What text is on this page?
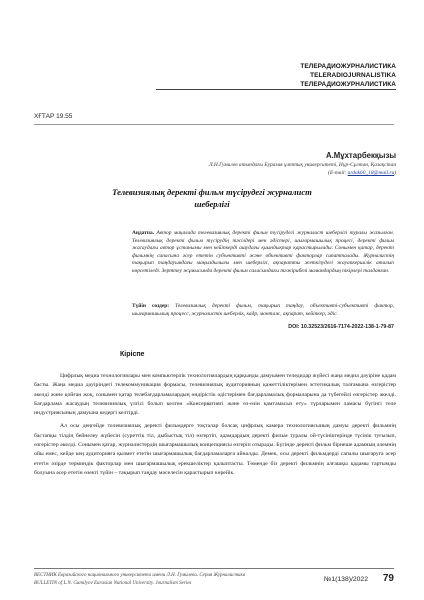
ТЕЛЕРАДИОЖУРНАЛИСТИКА
TELERADIOJURNALISTIKA
ТЕЛЕРАДИОЖУРНАЛИСТИКА
ХҒТАР 19.55
А.Мұхтарбекқызы
Л.Н.Гумилев атындағы Еуразия ұлттық университеті, Нұр-Сұлтан, Қазақстан
(E-mail: ardak60_18@mail.ru)
Телевизиялық деректі фильм түсірудегі журналист
шеберлігі
Аңдатпа. Автор мақалада телевизиялық деректі фильм түсірудегі журналист шеберлігі туралы жазылған. Телевизиялық деректі фильм түсірудің тәсілдері мен әдістері, шығармашылық процесі, деректі фильм жасаудағы автор ұстанымы мен кейіпкерді ашудағы қиындықтар қарастырылады. Сонымен қатар, деректі фильмнің сапасына әсер ететін субъективті және объективті факторлар сипатталады. Журналистің тақырып таңдауындағы маңыздылығы мен шеберлігі, ақпаратты жеткізудегі жауапкершілік аталып көрсетіледі. Зерттеу жұмысында деректі фильм саласындағы тәжірибелі мамандардың пікірлері талданған.
Түйін сөздер: Телевизиялық деректі фильм, тақырып таңдау, объективті-субъективті фактор, шығармашылық процесс, журналистік шеберлік, кадр, монтаж, ақпарат, кейіпкер, әдіс.
DOI: 10.32523/2616-7174-2022-138-1-79-87
Кіріспе

Цифрлық медиа технологиялары мен компьютерлік технологиялардың қарқынды дамуымен теледидар жүйесі жаңа медиа дәуіріне қадам басты. Жаңа медиа дәуіріндегі телекоммуникация формасы, телевизиялық аудиторияның қажеттіліктерімен эстетикалық талғамына өзгерістер әкелді және қойған жоқ, сонымен қатар телебағдарламалардың өндірістік әдістерімен бағдарламалық формаларына да түбегейлі өзгерістер әкелді. Бағдарлама жасаудың телевизиялық үлгісі болып келген «Консервативті және өз-өзін қамтамасыз ету» түрларымен ламасы бүгінгі теле индустриясының дамуына кедергі келтірді.

Ал осы деңгейде телевизиялық деректі фильмдерге тоқталар болсақ цифрлық камера технологиясының дамуы деректі фильмнің бастапқы тілдің бейнелеу жүйесін (суреттік тіл, дыбыстық тіл) өзгертіп, адамдардың деректі фильм туралы ой-түсініктерінде түсінік туғызып, өзгерістер әкелді. Сонымен қатар, журналистердің шығармашылық концепциясы өзгеріп отырады. Бүгінде деректі фильм бірнеше адамның әлемнің ойы емес, кейде кең аудиторияға қызмет ететін шығармашылық бағдарламаларға айналды. Демек, осы деректі фильмдерді сапалы шығаруға әсер ететін әзірде терминдік факторлар мен шығармашылық ерекшеліктер қалыптасты. Төменде біз деректі фильмнің алғашқы қадамы тартымды болуына әсер ететін өзекті түйін – тақырып таңдау мәселесін қарастырып көрейік.

ВЕСТНИК Евразийского национального университета имени Л.Н. Гумилева. Серия Журналистика
BULLETIN of L.N. Gumilyov Eurasian National University. Journalism Series
№1(138)/2022 79
